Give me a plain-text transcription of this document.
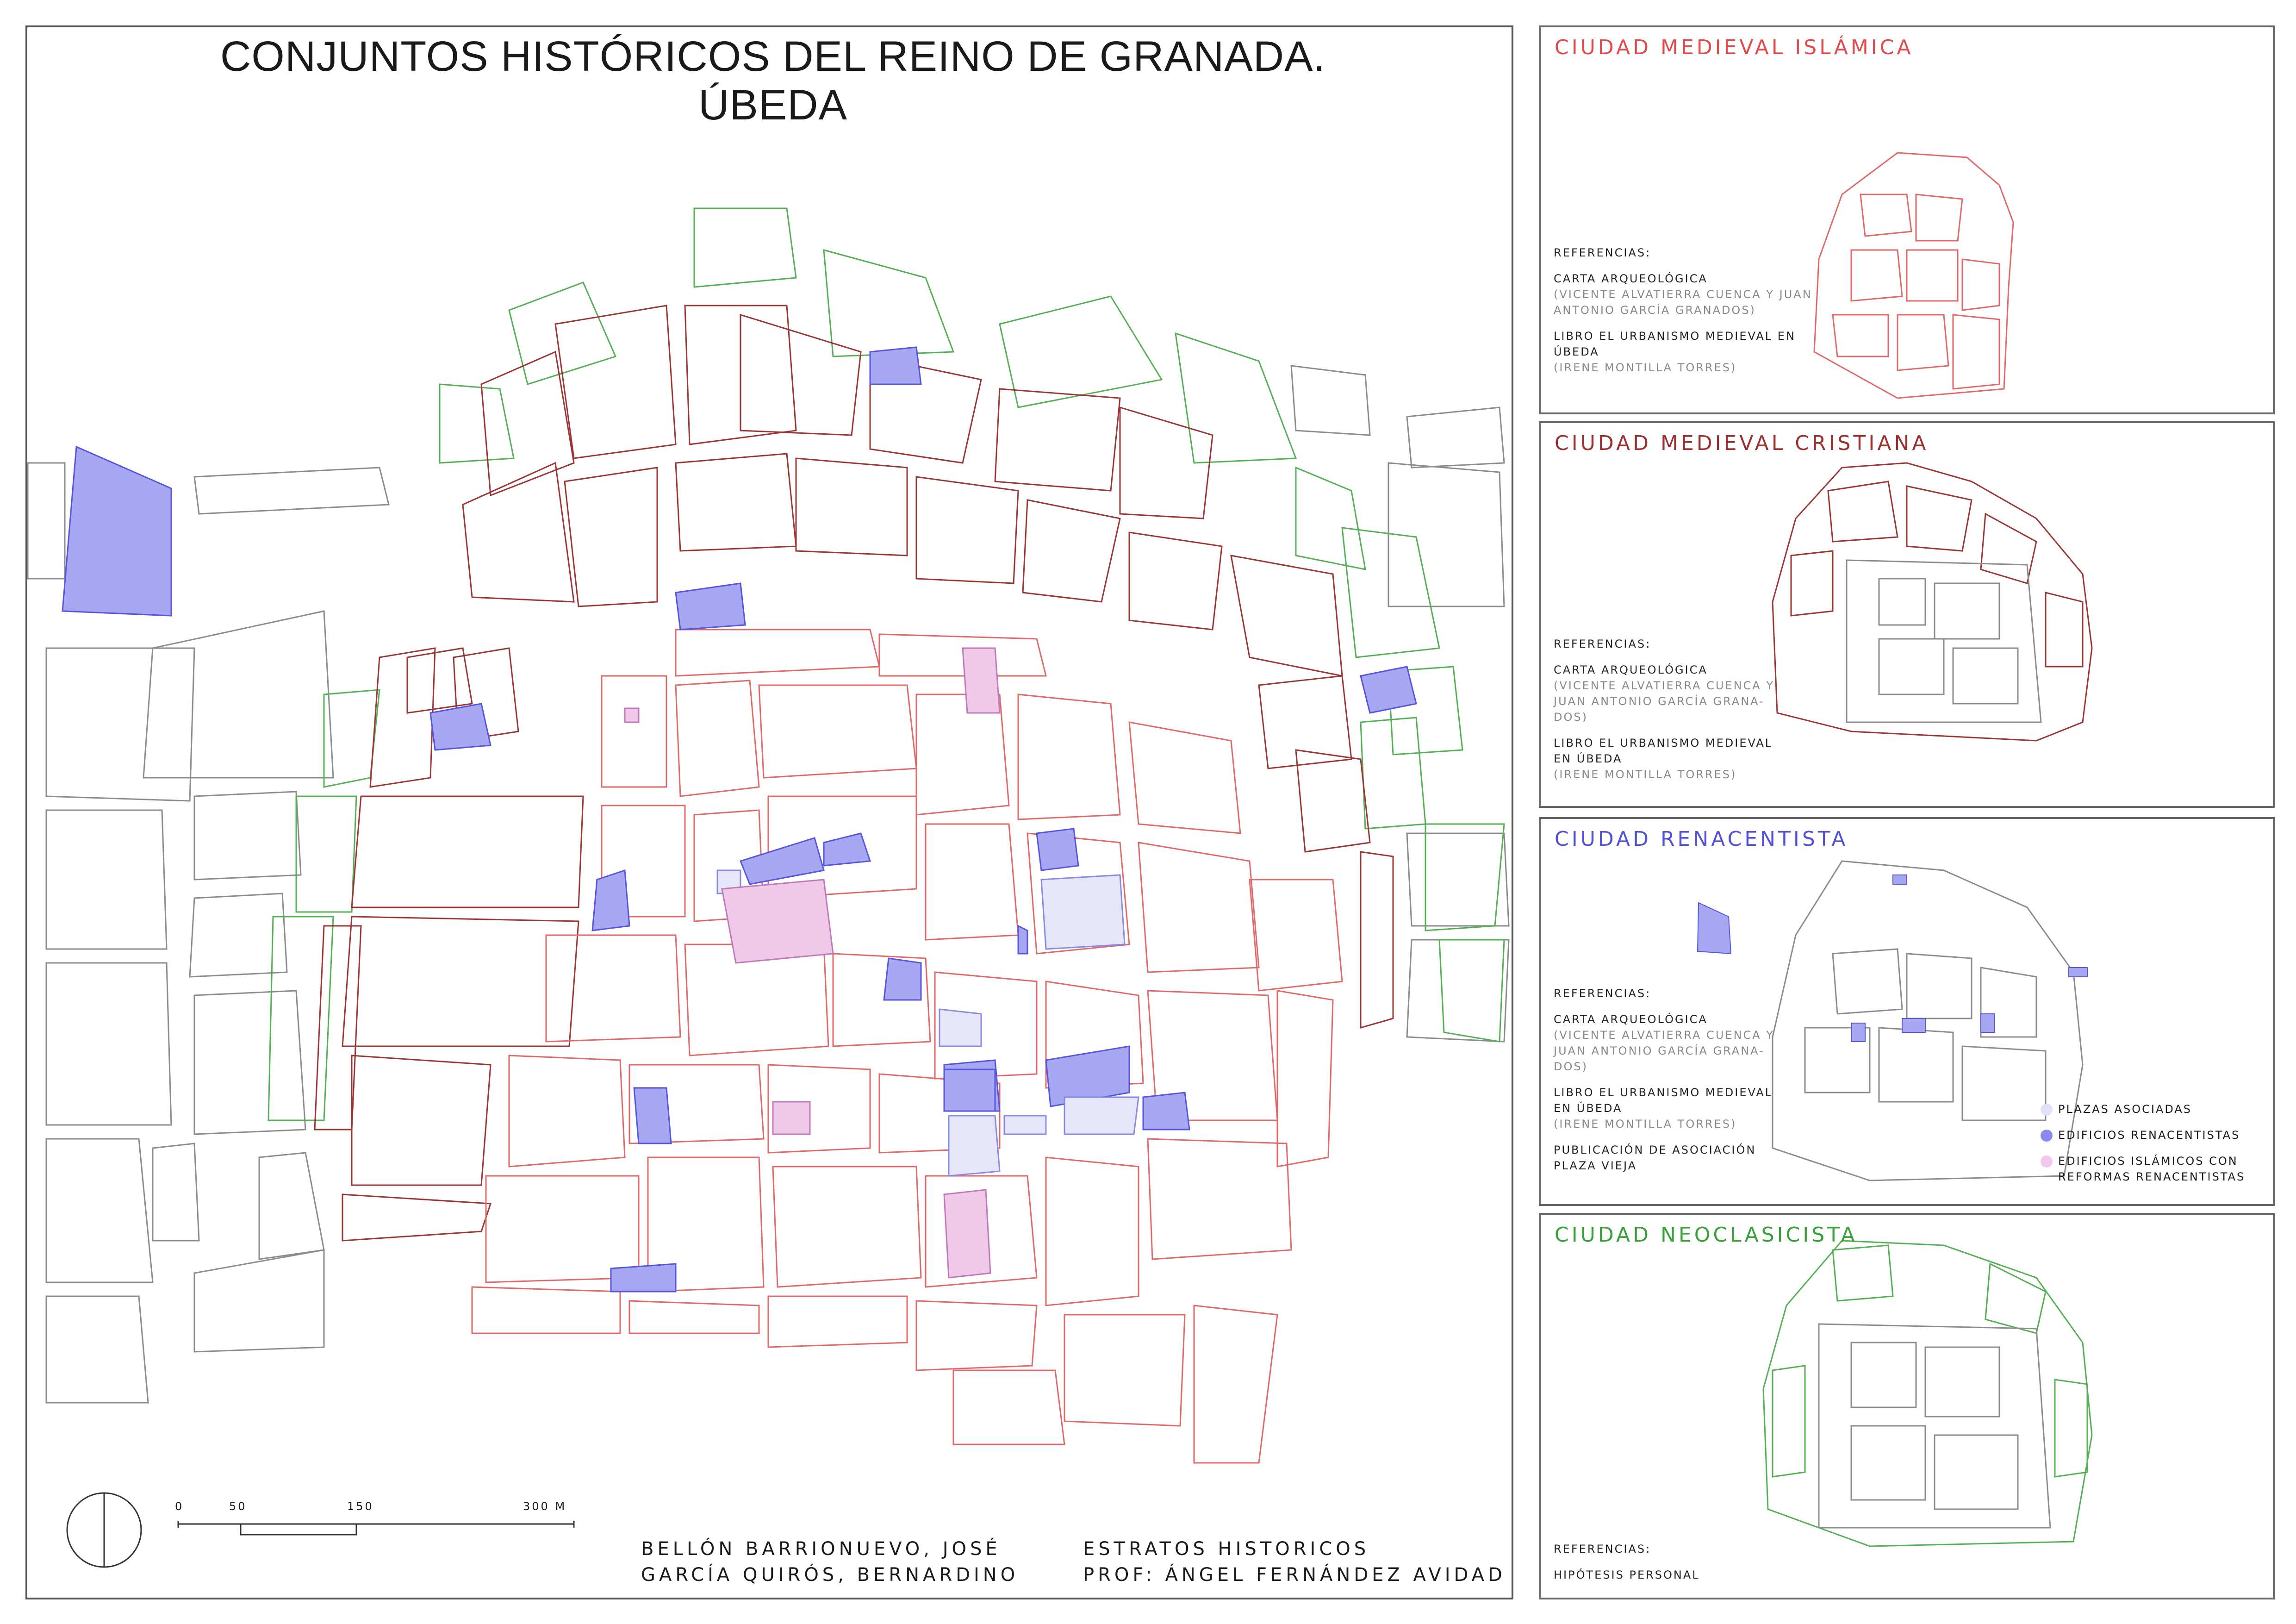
CONJUNTOS HISTÓRICOS DEL REINO DE GRANADA. ÚBEDA
0	50	150	300 M
BELLÓN BARRIONUEVO, JOSÉ
GARCÍA QUIRÓS, BERNARDINO
ESTRATOS HISTORICOS
PROF: ÁNGEL FERNÁNDEZ AVIDAD
CIUDAD MEDIEVAL ISLÁMICA
REFERENCIAS:
CARTA ARQUEOLÓGICA
(VICENTE ALVATIERRA CUENCA Y JUAN
ANTONIO GARCÍA GRANADOS)
LIBRO EL URBANISMO MEDIEVAL EN
ÚBEDA
(IRENE MONTILLA TORRES)
CIUDAD MEDIEVAL CRISTIANA
REFERENCIAS:
CARTA ARQUEOLÓGICA
(VICENTE ALVATIERRA CUENCA Y
JUAN ANTONIO GARCÍA GRANA-
DOS)
LIBRO EL URBANISMO MEDIEVAL
EN ÚBEDA
(IRENE MONTILLA TORRES)
CIUDAD RENACENTISTA
REFERENCIAS:
CARTA ARQUEOLÓGICA
(VICENTE ALVATIERRA CUENCA Y
JUAN ANTONIO GARCÍA GRANA-
DOS)
LIBRO EL URBANISMO MEDIEVAL
EN ÚBEDA
(IRENE MONTILLA TORRES)
PUBLICACIÓN DE ASOCIACIÓN
PLAZA VIEJA
PLAZAS ASOCIADAS
EDIFICIOS RENACENTISTAS
EDIFICIOS ISLÁMICOS CON
REFORMAS RENACENTISTAS
CIUDAD NEOCLASICISTA
REFERENCIAS:
HIPÓTESIS PERSONAL
